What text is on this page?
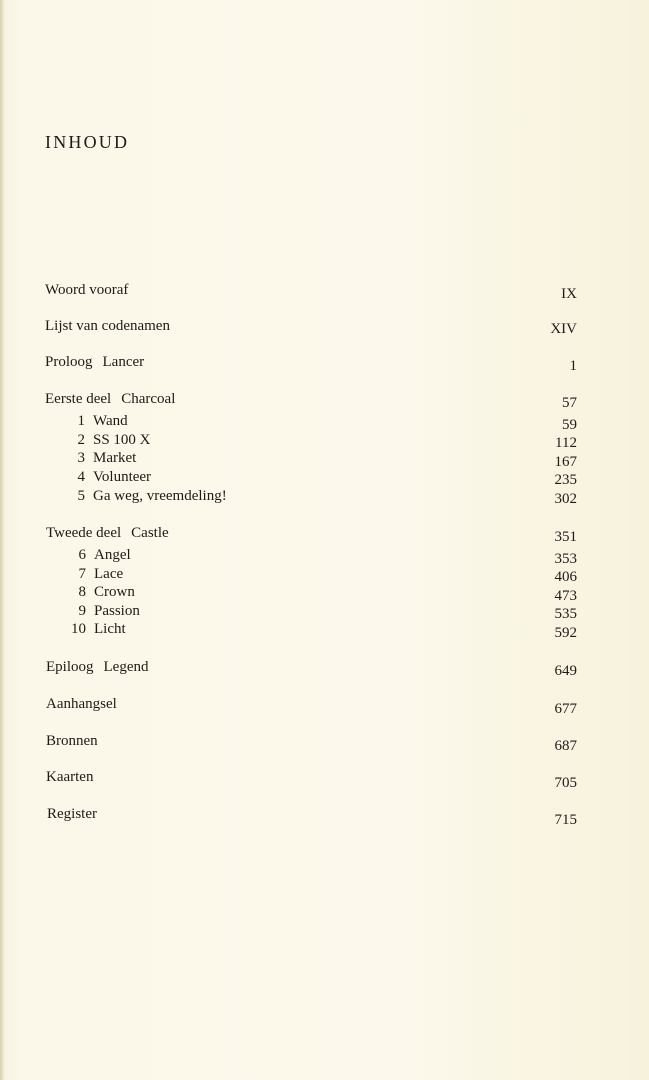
INHOUD
Woord vooraf	IX
Lijst van codenamen	XIV
Proloog Lancer	1
Eerste deel Charcoal	57
1 Wand	59
2 SS 100 X	112
3 Market	167
4 Volunteer	235
5 Ga weg, vreemdeling!	302
Tweede deel Castle	351
6 Angel	353
7 Lace	406
8 Crown	473
9 Passion	535
10 Licht	592
Epiloog Legend	649
Aanhangsel	677
Bronnen	687
Kaarten	705
Register	715
